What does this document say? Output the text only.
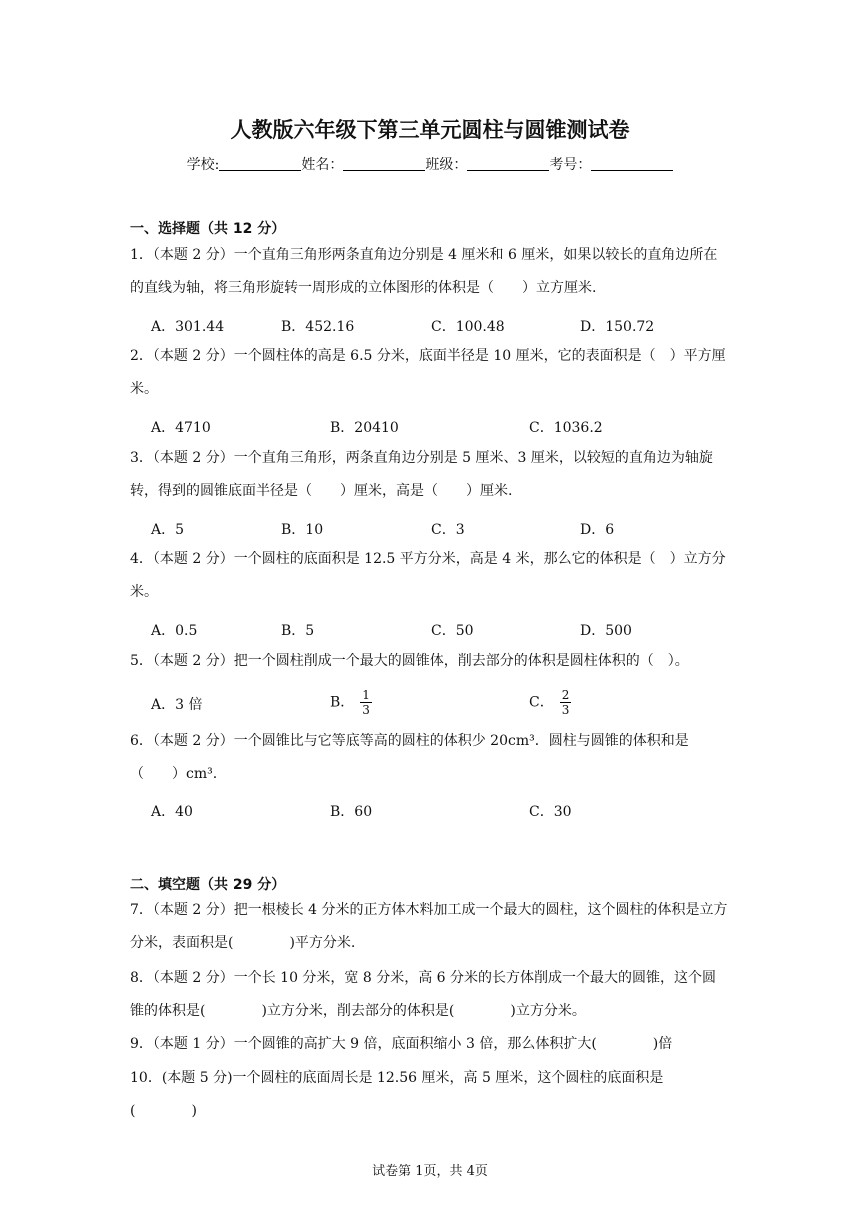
人教版六年级下第三单元圆柱与圆锥测试卷
学校:	姓名：	班级：	考号：
一、选择题（共 12 分）
1．（本题 2 分）一个直角三角形两条直角边分别是 4 厘米和 6 厘米，如果以较长的直角边所在的直线为轴，将三角形旋转一周形成的立体图形的体积是（　　）立方厘米.
A．301.44	B．452.16	C．100.48	D．150.72
2．（本题 2 分）一个圆柱体的高是 6.5 分米，底面半径是 10 厘米，它的表面积是（　）平方厘米。
A．4710	B．20410	C．1036.2
3．（本题 2 分）一个直角三角形，两条直角边分别是 5 厘米、3 厘米，以较短的直角边为轴旋转，得到的圆锥底面半径是（　　）厘米，高是（　　）厘米.
A．5	B．10	C．3	D．6
4．（本题 2 分）一个圆柱的底面积是 12.5 平方分米，高是 4 米，那么它的体积是（　）立方分米。
A．0.5	B．5	C．50	D．500
5．（本题 2 分）把一个圆柱削成一个最大的圆锥体，削去部分的体积是圆柱体积的（　）。
A．3 倍	B． $\frac{1}{3}$	C． $\frac{2}{3}$
6．（本题 2 分）一个圆锥比与它等底等高的圆柱的体积少 20cm³．圆柱与圆锥的体积和是（　　）cm³.
A．40	B．60	C．30
二、填空题（共 29 分）
7．（本题 2 分）把一根棱长 4 分米的正方体木料加工成一个最大的圆柱，这个圆柱的体积是立方分米，表面积是(　　　　)平方分米.
8．（本题 2 分）一个长 10 分米，宽 8 分米，高 6 分米的长方体削成一个最大的圆锥，这个圆锥的体积是(　　　　)立方分米，削去部分的体积是(　　　　)立方分米。
9．（本题 1 分）一个圆锥的高扩大 9 倍，底面积缩小 3 倍，那么体积扩大(　　　　)倍
10．(本题 5 分)一个圆柱的底面周长是 12.56 厘米，高 5 厘米，这个圆柱的底面积是(　　　　)
试卷第 1页，共 4页
